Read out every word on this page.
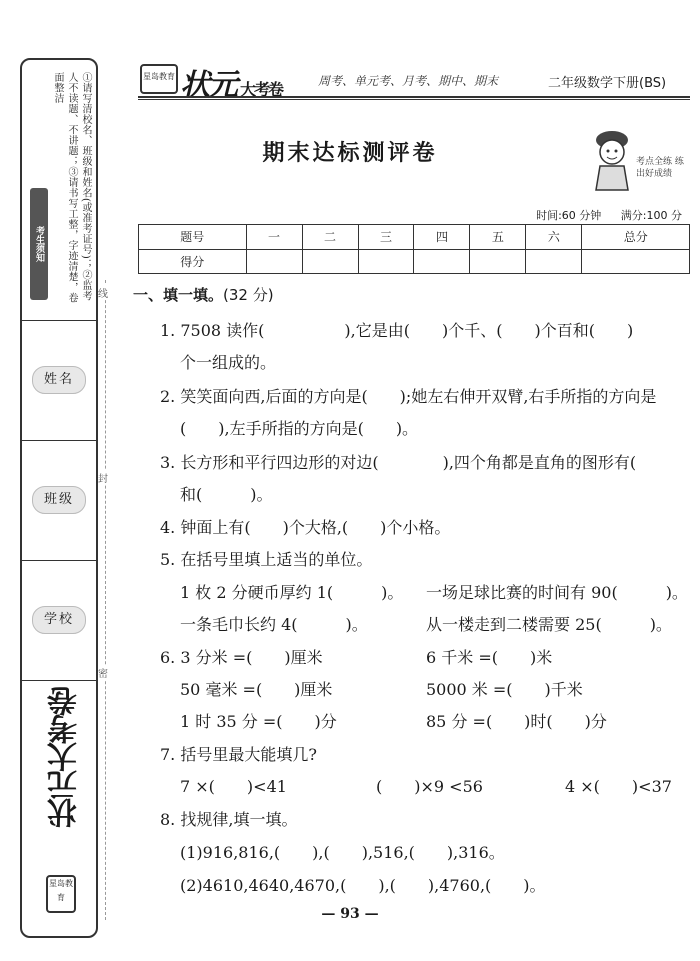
考生须知	①请写清校名、班级和姓名(或准考证号)；②监考人不读题、不讲题；③请书写工整，字迹清楚，卷面整洁
姓名
班级
学校
状元大考卷
星岛教育
线
封
密
星岛教育 状元 大考卷	周考、单元考、月考、期中、期末	二年级数学下册(BS)
期末达标测评卷	考点全练 练出好成绩
时间:60 分钟 满分:100 分
题号	一	二	三	四	五	六	总分
得分							
一、填一填。(32 分)
1. 7508 读作(　　　　　),它是由(　　)个千、(　　)个百和(　　)
个一组成的。
2. 笑笑面向西,后面的方向是(　　);她左右伸开双臂,右手所指的方向是
(　　),左手所指的方向是(　　)。
3. 长方形和平行四边形的对边(　　　　),四个角都是直角的图形有(　　　
和(　　　)。
4. 钟面上有(　　)个大格,(　　)个小格。
5. 在括号里填上适当的单位。
1 枚 2 分硬币厚约 1(　　　)。 一场足球比赛的时间有 90(　　　)。
一条毛巾长约 4(　　　)。	从一楼走到二楼需要 25(　　　)。
6. 3 分米 =(　　)厘米	6 千米 =(　　)米
50 毫米 =(　　)厘米	5000 米 =(　　)千米
1 时 35 分 =(　　)分	85 分 =(　　)时(　　)分
7. 括号里最大能填几?
7 ×(　　)<41	(　　)×9 <56	4 ×(　　)<37
8. 找规律,填一填。
(1)916,816,(　　),(　　),516,(　　),316。
(2)4610,4640,4670,(　　),(　　),4760,(　　)。
— 93 —
